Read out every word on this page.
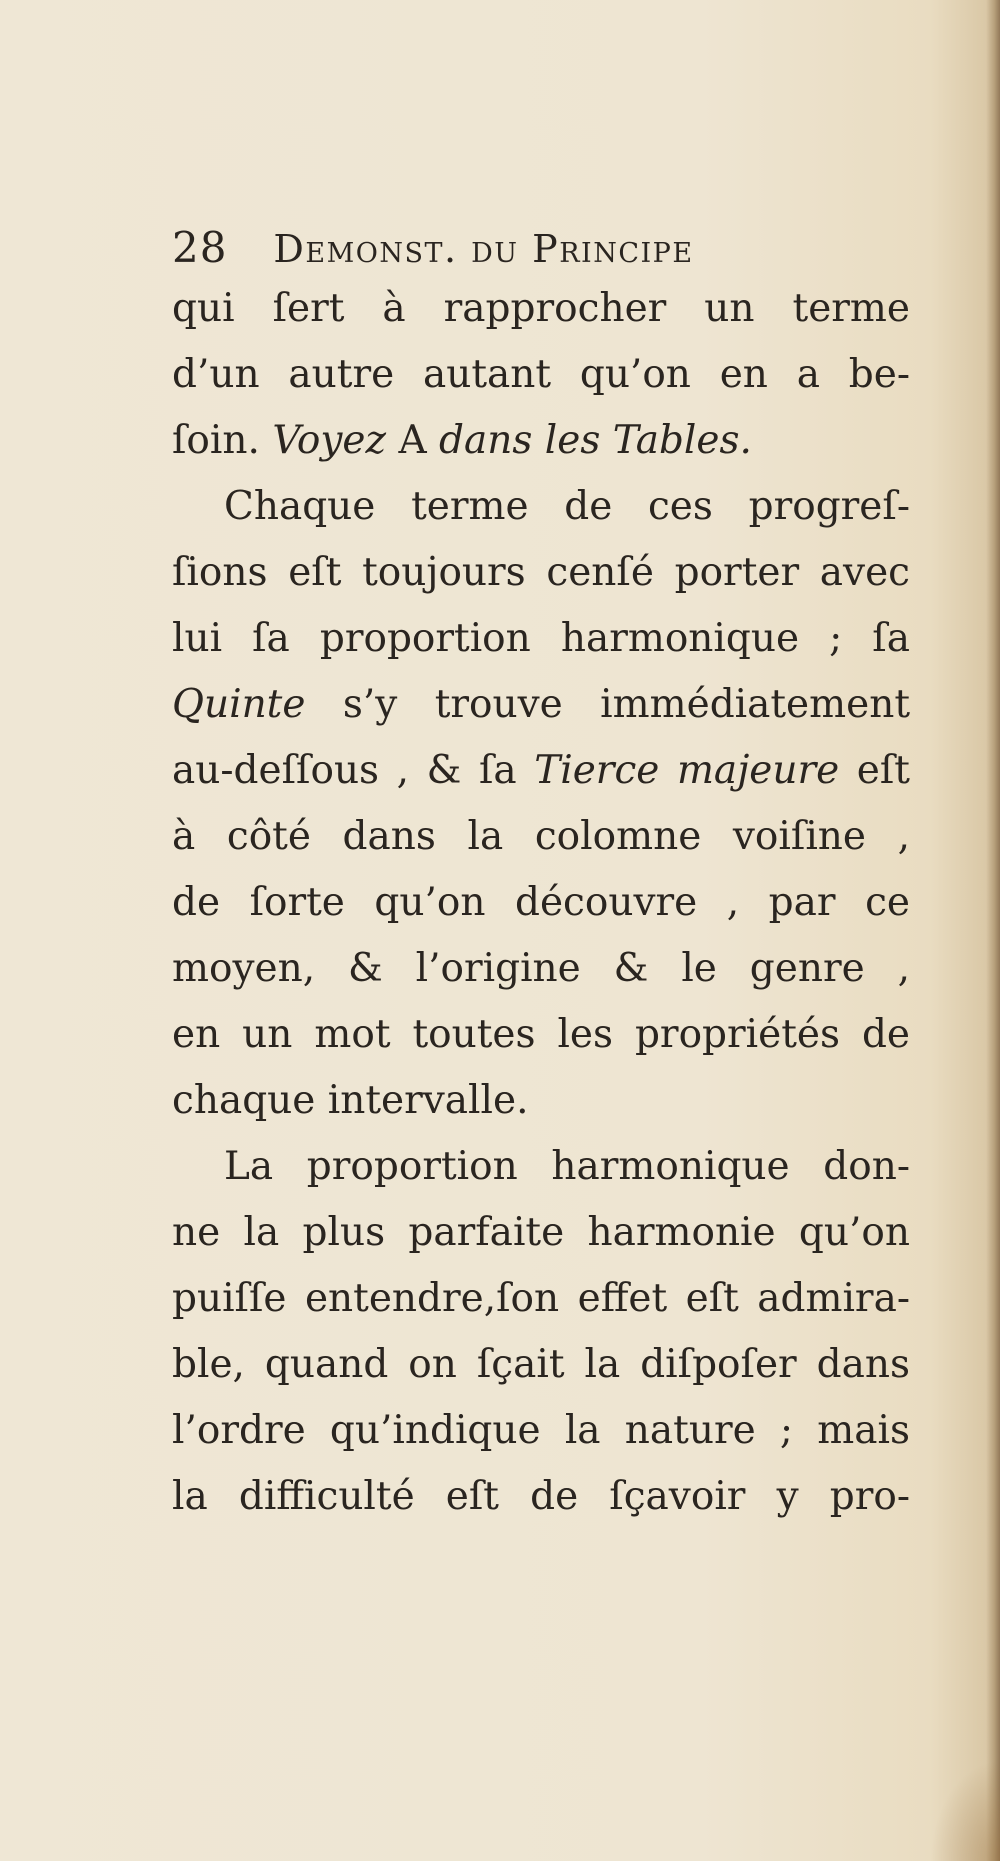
28 Demonst. du Principe
qui ſert à rapprocher un terme
d’un autre autant qu’on en a be-
ſoin. Voyez A dans les Tables.
Chaque terme de ces progreſ-
ſions eſt toujours cenſé porter avec
lui ſa proportion harmonique ; ſa
Quinte s’y trouve immédiatement
au-deſſous , & ſa Tierce majeure eſt
à côté dans la colomne voiſine ,
de ſorte qu’on découvre , par ce
moyen, & l’origine & le genre ,
en un mot toutes les propriétés de
chaque intervalle.
La proportion harmonique don-
ne la plus parfaite harmonie qu’on
puiſſe entendre,ſon effet eſt admira-
ble, quand on ſçait la diſpoſer dans
l’ordre qu’indique la nature ; mais
la difficulté eſt de ſçavoir y pro-
